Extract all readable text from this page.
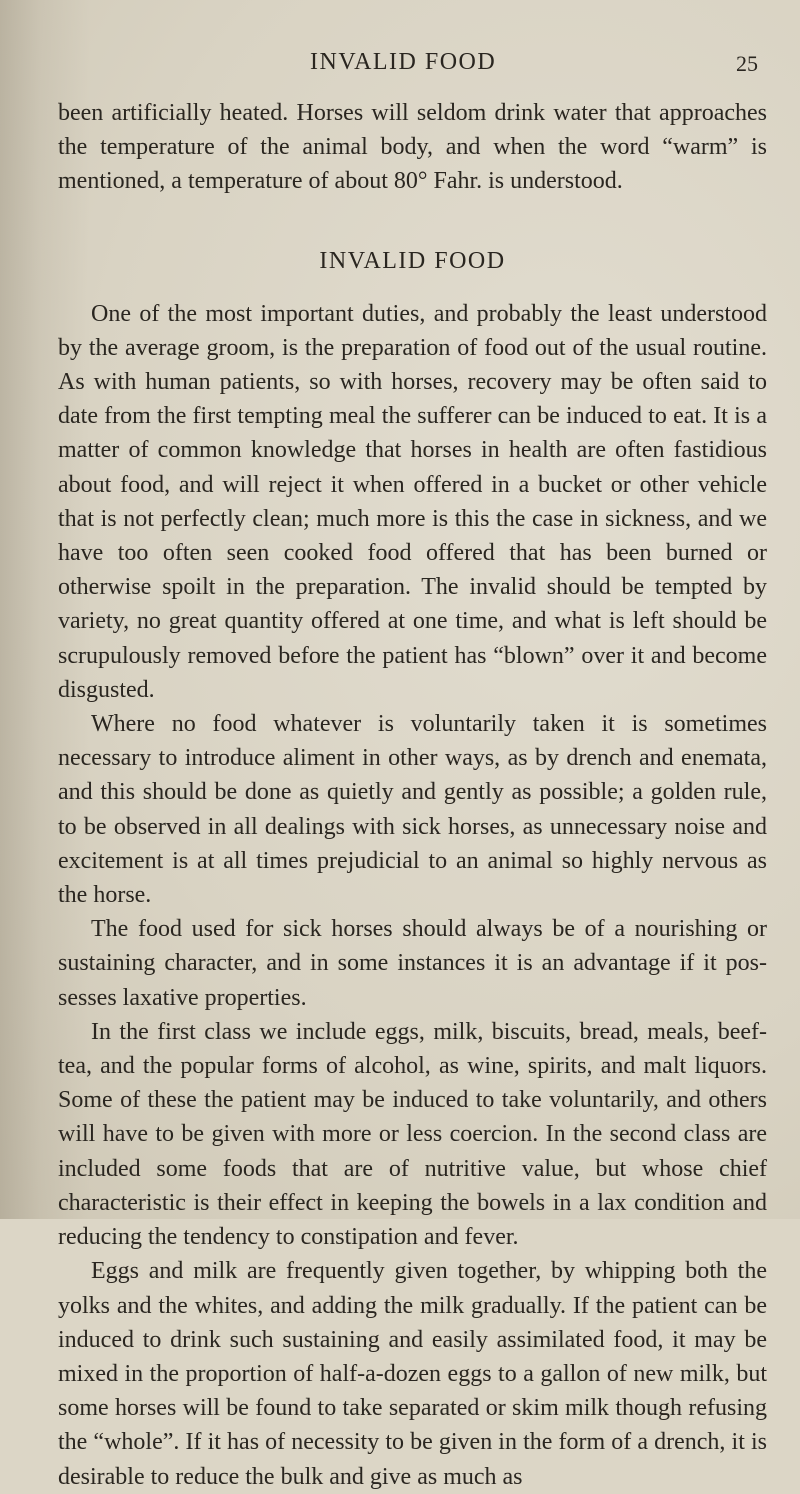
INVALID FOOD	25

been artificially heated. Horses will seldom drink water that approaches the temperature of the animal body, and when the word “warm” is mentioned, a temperature of about 80° Fahr. is understood.

INVALID FOOD

One of the most important duties, and probably the least understood by the average groom, is the preparation of food out of the usual routine. As with human patients, so with horses, recovery may be often said to date from the first tempting meal the sufferer can be induced to eat. It is a matter of common knowledge that horses in health are often fastidious about food, and will reject it when offered in a bucket or other vehicle that is not perfectly clean; much more is this the case in sickness, and we have too often seen cooked food offered that has been burned or otherwise spoilt in the preparation. The invalid should be tempted by variety, no great quantity offered at one time, and what is left should be scrupulously removed before the patient has “blown” over it and become disgusted.

Where no food whatever is voluntarily taken it is sometimes necessary to introduce aliment in other ways, as by drench and enemata, and this should be done as quietly and gently as possible; a golden rule, to be observed in all dealings with sick horses, as unnecessary noise and excitement is at all times prejudicial to an animal so highly nervous as the horse.

The food used for sick horses should always be of a nourishing or sustaining character, and in some instances it is an advantage if it possesses laxative properties.

In the first class we include eggs, milk, biscuits, bread, meals, beef-tea, and the popular forms of alcohol, as wine, spirits, and malt liquors. Some of these the patient may be induced to take voluntarily, and others will have to be given with more or less coercion. In the second class are included some foods that are of nutritive value, but whose chief characteristic is their effect in keeping the bowels in a lax condition and reducing the tendency to constipation and fever.

Eggs and milk are frequently given together, by whipping both the yolks and the whites, and adding the milk gradually. If the patient can be induced to drink such sustaining and easily assimilated food, it may be mixed in the proportion of half-a-dozen eggs to a gallon of new milk, but some horses will be found to take separated or skim milk though refusing the “whole”. If it has of necessity to be given in the form of a drench, it is desirable to reduce the bulk and give as much as
